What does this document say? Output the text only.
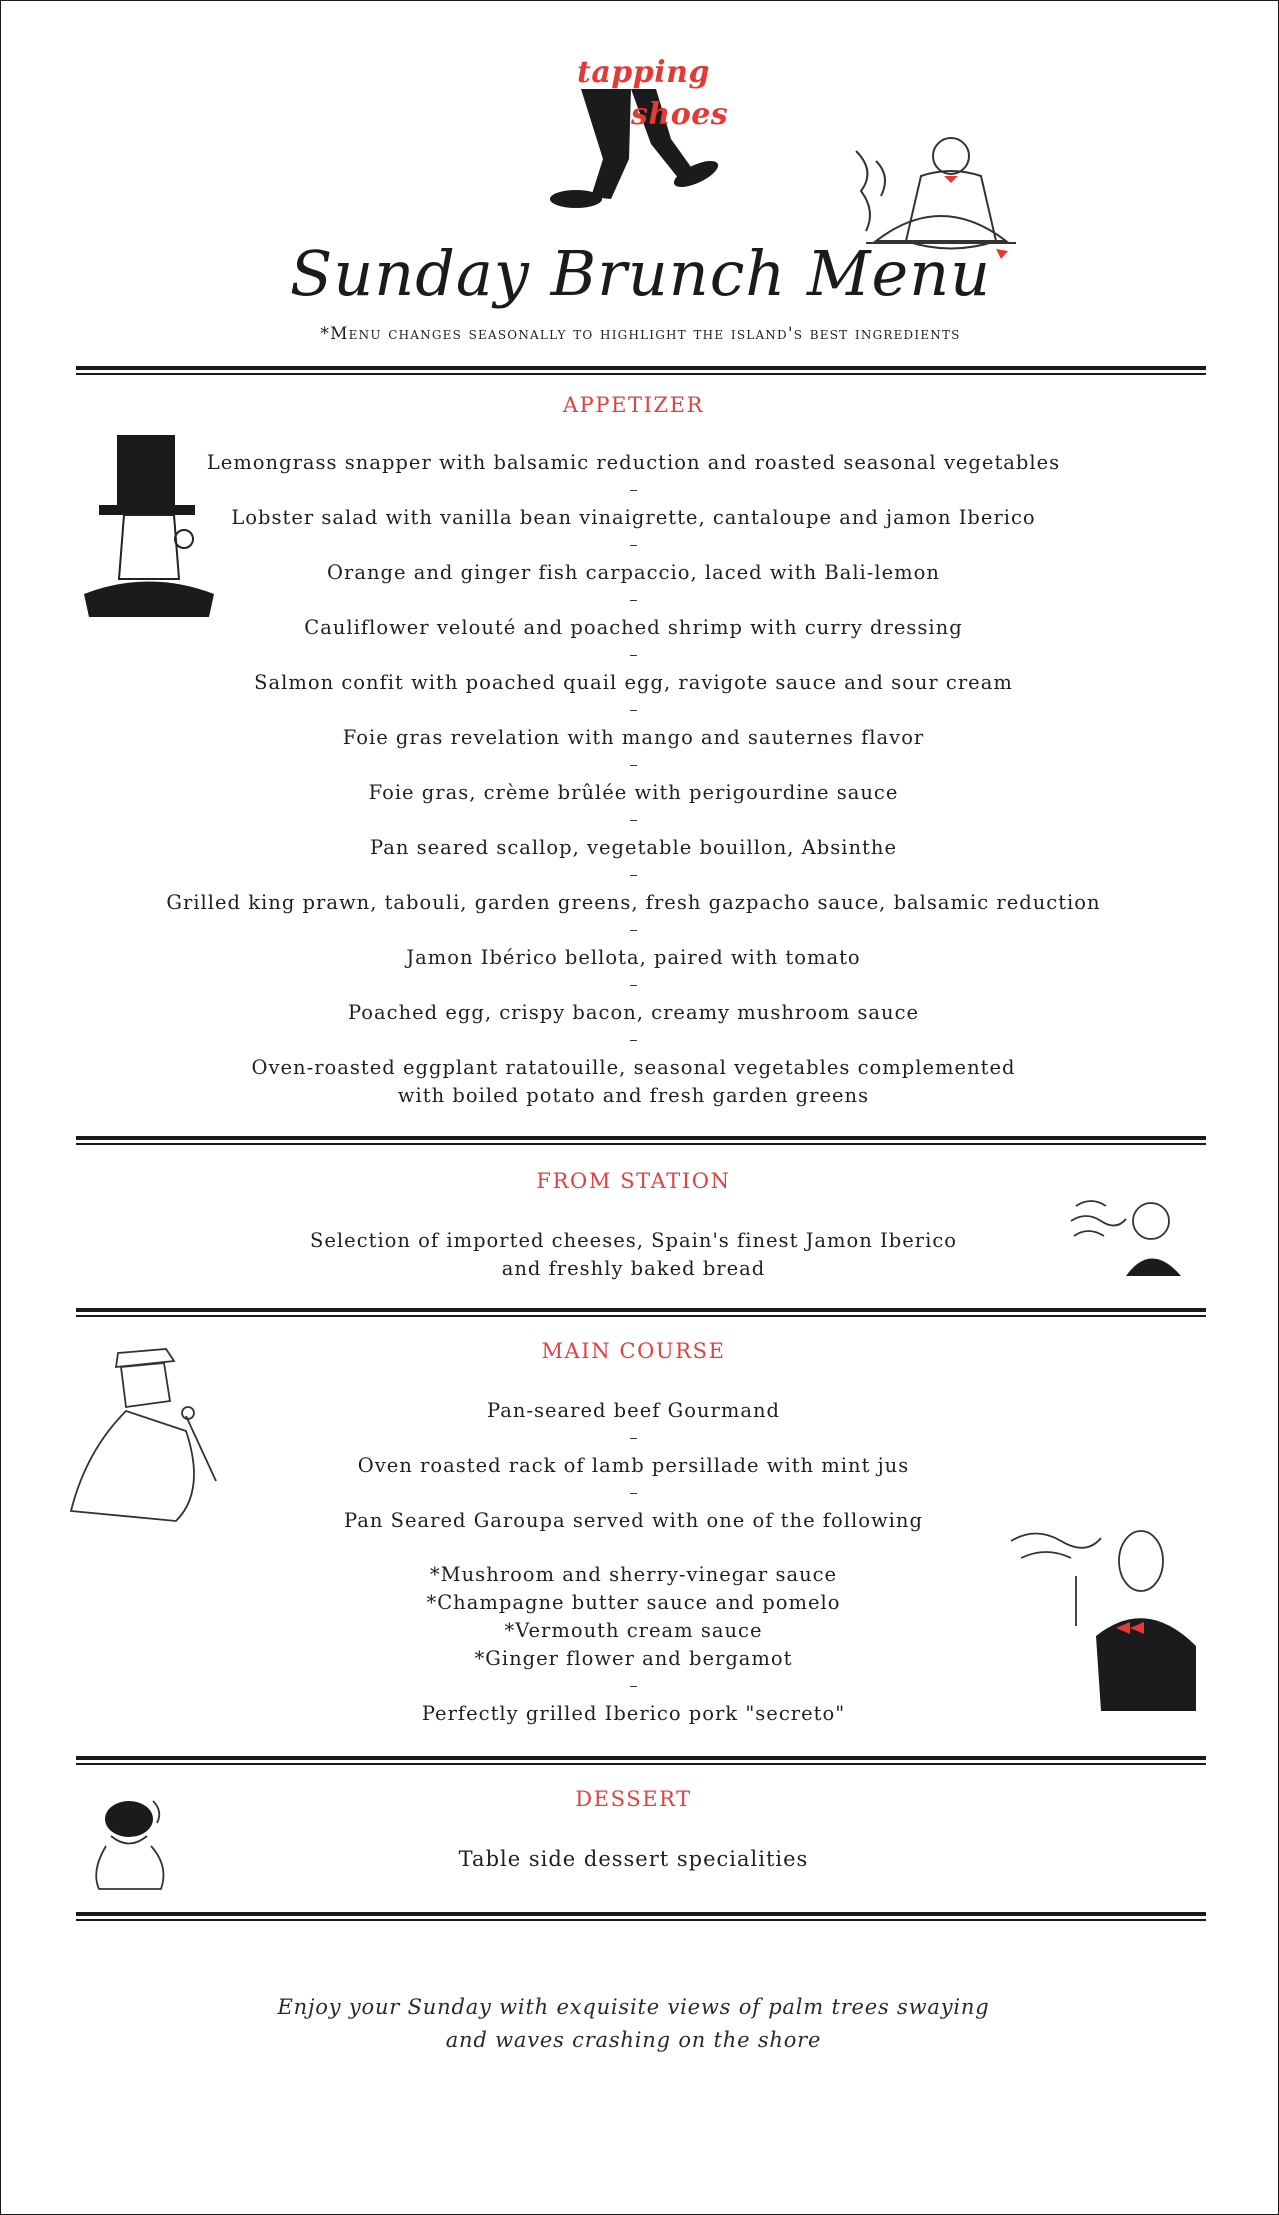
tapping
shoes
Sunday Brunch Menu
*Menu changes seasonally to highlight the island's best ingredients
APPETIZER
Lemongrass snapper with balsamic reduction and roasted seasonal vegetables
Lobster salad with vanilla bean vinaigrette, cantaloupe and jamon Iberico
Orange and ginger fish carpaccio, laced with Bali-lemon
Cauliflower velouté and poached shrimp with curry dressing
Salmon confit with poached quail egg, ravigote sauce and sour cream
Foie gras revelation with mango and sauternes flavor
Foie gras, crème brûlée with perigourdine sauce
Pan seared scallop, vegetable bouillon, Absinthe
Grilled king prawn, tabouli, garden greens, fresh gazpacho sauce, balsamic reduction
Jamon Ibérico bellota, paired with tomato
Poached egg, crispy bacon, creamy mushroom sauce
Oven-roasted eggplant ratatouille, seasonal vegetables complemented
with boiled potato and fresh garden greens
FROM STATION
Selection of imported cheeses, Spain's finest Jamon Iberico
and freshly baked bread
MAIN COURSE
Pan-seared beef Gourmand
Oven roasted rack of lamb persillade with mint jus
Pan Seared Garoupa served with one of the following
*Mushroom and sherry-vinegar sauce
*Champagne butter sauce and pomelo
*Vermouth cream sauce
*Ginger flower and bergamot
Perfectly grilled Iberico pork "secreto"
DESSERT
Table side dessert specialities
Enjoy your Sunday with exquisite views of palm trees swaying
and waves crashing on the shore
